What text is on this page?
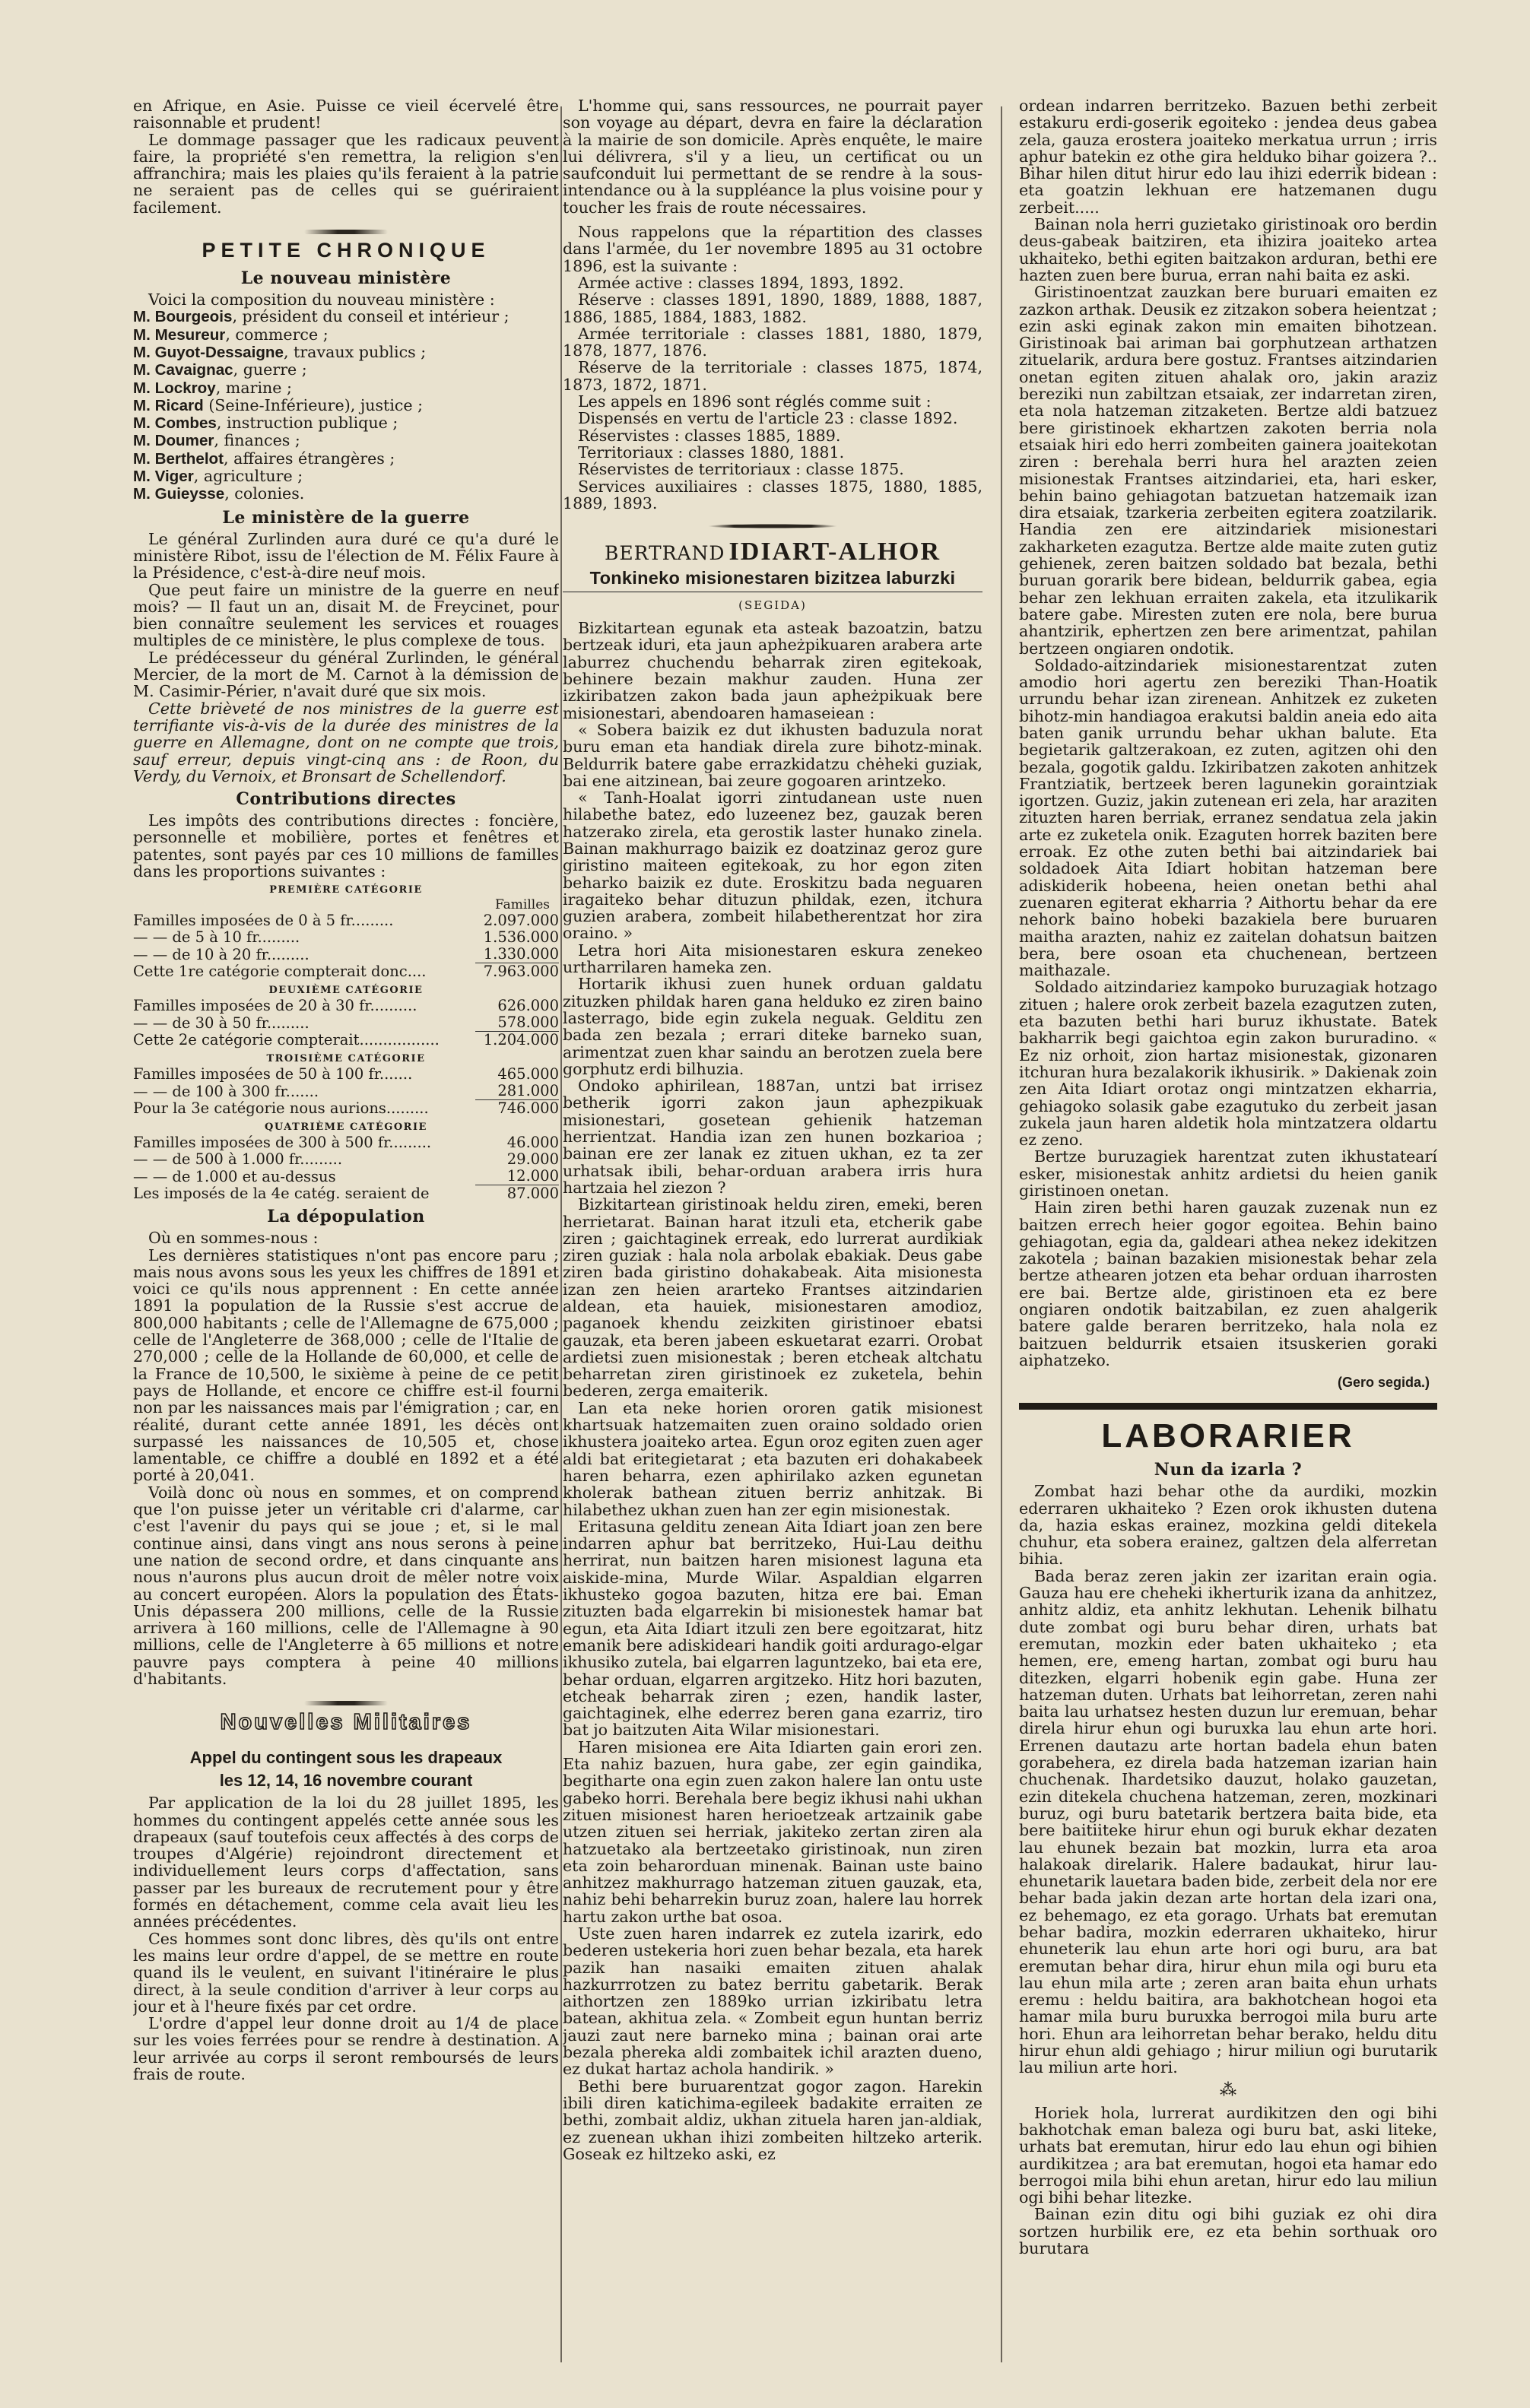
en Afrique, en Asie. Puisse ce vieil écervelé être raisonnable et prudent!

Le dommage passager que les radicaux peuvent faire, la propriété s'en remettra, la religion s'en affranchira; mais les plaies qu'ils feraient à la patrie ne seraient pas de celles qui se guériraient facilement.

PETITE CHRONIQUE
Le nouveau ministère

Voici la composition du nouveau ministère :

M. Bourgeois, président du conseil et intérieur ;
M. Mesureur, commerce ;
M. Guyot-Dessaigne, travaux publics ;
M. Cavaignac, guerre ;
M. Lockroy, marine ;
M. Ricard (Seine-Inférieure), justice ;
M. Combes, instruction publique ;
M. Doumer, finances ;
M. Berthelot, affaires étrangères ;
M. Viger, agriculture ;
M. Guieysse, colonies.
Le ministère de la guerre

Le général Zurlinden aura duré ce qu'a duré le ministère Ribot, issu de l'élection de M. Félix Faure à la Présidence, c'est-à-dire neuf mois.

Que peut faire un ministre de la guerre en neuf mois? — Il faut un an, disait M. de Freycinet, pour bien connaître seulement les services et rouages multiples de ce ministère, le plus complexe de tous.

Le prédécesseur du général Zurlinden, le général Mercier, de la mort de M. Carnot à la démission de M. Casimir-Périer, n'avait duré que six mois.

Cette brièveté de nos ministres de la guerre est terrifiante vis-à-vis de la durée des ministres de la guerre en Allemagne, dont on ne compte que trois, sauf erreur, depuis vingt-cinq ans : de Roon, du Verdy, du Vernoix, et Bronsart de Schellendorf.

Contributions directes

Les impôts des contributions directes : foncière, personnelle et mobilière, portes et fenêtres et patentes, sont payés par ces 10 millions de familles dans les proportions suivantes :

PREMIÈRE CATÉGORIE
Familles
Familles imposées de 0 à 5 fr.........	2.097.000
— — de 5 à 10 fr.........	1.536.000
— — de 10 à 20 fr.........	1.330.000
Cette 1re catégorie compterait donc....	7.963.000
DEUXIÈME CATÉGORIE
Familles imposées de 20 à 30 fr..........	626.000
— — de 30 à 50 fr.........	578.000
Cette 2e catégorie compterait.................	1.204.000
TROISIÈME CATÉGORIE
Familles imposées de 50 à 100 fr.......	465.000
— — de 100 à 300 fr.......	281.000
Pour la 3e catégorie nous aurions.........	746.000
QUATRIÈME CATÉGORIE
Familles imposées de 300 à 500 fr.........	46.000
— — de 500 à 1.000 fr.........	29.000
— — de 1.000 et au-dessus	12.000
Les imposés de la 4e catég. seraient de	87.000
La dépopulation

Où en sommes-nous :

Les dernières statistiques n'ont pas encore paru ; mais nous avons sous les yeux les chiffres de 1891 et voici ce qu'ils nous apprennent : En cette année 1891 la population de la Russie s'est accrue de 800,000 habitants ; celle de l'Allemagne de 675,000 ; celle de l'Angleterre de 368,000 ; celle de l'Italie de 270,000 ; celle de la Hollande de 60,000, et celle de la France de 10,500, le sixième à peine de ce petit pays de Hollande, et encore ce chiffre est-il fourni non par les naissances mais par l'émigration ; car, en réalité, durant cette année 1891, les décès ont surpassé les naissances de 10,505 et, chose lamentable, ce chiffre a doublé en 1892 et a été porté à 20,041.

Voilà donc où nous en sommes, et on comprend que l'on puisse jeter un véritable cri d'alarme, car c'est l'avenir du pays qui se joue ; et, si le mal continue ainsi, dans vingt ans nous serons à peine une nation de second ordre, et dans cinquante ans nous n'aurons plus aucun droit de mêler notre voix au concert européen. Alors la population des États-Unis dépassera 200 millions, celle de la Russie arrivera à 160 millions, celle de l'Allemagne à 90 millions, celle de l'Angleterre à 65 millions et notre pauvre pays comptera à peine 40 millions d'habitants.

Nouvelles Militaires
Appel du contingent sous les drapeaux
les 12, 14, 16 novembre courant

Par application de la loi du 28 juillet 1895, les hommes du contingent appelés cette année sous les drapeaux (sauf toutefois ceux affectés à des corps de troupes d'Algérie) rejoindront directement et individuellement leurs corps d'affectation, sans passer par les bureaux de recrutement pour y être formés en détachement, comme cela avait lieu les années précédentes.

Ces hommes sont donc libres, dès qu'ils ont entre les mains leur ordre d'appel, de se mettre en route quand ils le veulent, en suivant l'itinéraire le plus direct, à la seule condition d'arriver à leur corps au jour et à l'heure fixés par cet ordre.

L'ordre d'appel leur donne droit au 1/4 de place sur les voies ferrées pour se rendre à destination. A leur arrivée au corps il seront remboursés de leurs frais de route.

L'homme qui, sans ressources, ne pourrait payer son voyage au départ, devra en faire la déclaration à la mairie de son domicile. Après enquête, le maire lui délivrera, s'il y a lieu, un certificat ou un saufconduit lui permettant de se rendre à la sous-intendance ou à la suppléance la plus voisine pour y toucher les frais de route nécessaires.

Nous rappelons que la répartition des classes dans l'armée, du 1er novembre 1895 au 31 octobre 1896, est la suivante :

Armée active : classes 1894, 1893, 1892.

Réserve : classes 1891, 1890, 1889, 1888, 1887, 1886, 1885, 1884, 1883, 1882.

Armée territoriale : classes 1881, 1880, 1879, 1878, 1877, 1876.

Réserve de la territoriale : classes 1875, 1874, 1873, 1872, 1871.

Les appels en 1896 sont réglés comme suit :

Dispensés en vertu de l'article 23 : classe 1892.

Réservistes : classes 1885, 1889.

Territoriaux : classes 1880, 1881.

Réservistes de territoriaux : classe 1875.

Services auxiliaires : classes 1875, 1880, 1885, 1889, 1893.

BERTRAND IDIART-ALHOR
Tonkineko misionestaren bizitzea laburzki
(SEGIDA)

Bizkitartean egunak eta asteak bazoatzin, batzu bertzeak iduri, eta jaun apheżpikuaren arabera arte laburrez chuchendu beharrak ziren egitekoak, behinere bezain makhur zauden. Huna zer izkiribatzen zakon bada jaun apheżpikuak bere misionestari, abendoaren hamaseiean :

« Sobera baizik ez dut ikhusten baduzula norat buru eman eta handiak direla zure bihotz-minak. Beldurrik batere gabe errazkidatzu chėheki guziak, bai ene aitzinean, bai zeure gogoaren arintzeko.

« Tanh-Hoalat igorri zintudanean uste nuen hilabethe batez, edo luzeenez bez, gauzak beren hatzerako zirela, eta gerostik laster hunako zinela. Bainan makhurrago baizik ez doatzinaz geroz gure giristino maiteen egitekoak, zu hor egon ziten beharko baizik ez dute. Eroskitzu bada neguaren iragaiteko behar dituzun phildak, ezen, itchura guzien arabera, zombeit hilabetherentzat hor zira oraino. »

Letra hori Aita misionestaren eskura zenekeo urtharrilaren hameka zen.

Hortarik ikhusi zuen hunek orduan galdatu zituzken phildak haren gana helduko ez ziren baino lasterrago, bide egin zukela neguak. Gelditu zen bada zen bezala ; errari diteke barneko suan, arimentzat zuen khar saindu an berotzen zuela bere gorphutz erdi bilhuzia.

Ondoko aphirilean, 1887an, untzi bat irrisez betherik igorri zakon jaun aphezpikuak misionestari, gosetean gehienik hatzeman herrientzat. Handia izan zen hunen bozkarioa ; bainan ere zer lanak ez zituen ukhan, ez ta zer urhatsak ibili, behar-orduan arabera irris hura hartzaia hel ziezon ?

Bizkitartean giristinoak heldu ziren, emeki, beren herrietarat. Bainan harat itzuli eta, etcherik gabe ziren ; gaichtaginek erreak, edo lurrerat aurdikiak ziren guziak : hala nola arbolak ebakiak. Deus gabe ziren bada giristino dohakabeak. Aita misionesta izan zen heien ararteko Frantses aitzindarien aldean, eta hauiek, misionestaren amodioz, paganoek khendu zeizkiten giristinoer ebatsi gauzak, eta beren jabeen eskuetarat ezarri. Orobat ardietsi zuen misionestak ; beren etcheak altchatu beharretan ziren giristinoek ez zuketela, behin bederen, zerga emaiterik.

Lan eta neke horien ororen gatik misionest khartsuak hatzemaiten zuen oraino soldado orien ikhustera joaiteko artea. Egun oroz egiten zuen ager aldi bat eritegietarat ; eta bazuten eri dohakabeek haren beharra, ezen aphirilako azken egunetan kholerak bathean zituen berriz anhitzak. Bi hilabethez ukhan zuen han zer egin misionestak.

Eritasuna gelditu zenean Aita Idiart joan zen bere indarren aphur bat berritzeko, Hui-Lau deithu herrirat, nun baitzen haren misionest laguna eta aiskide-mina, Murde Wilar. Aspaldian elgarren ikhusteko gogoa bazuten, hitza ere bai. Eman zituzten bada elgarrekin bi misionestek hamar bat egun, eta Aita Idiart itzuli zen bere egoitzarat, hitz emanik bere adiskideari handik goiti ardurago-elgar ikhusiko zutela, bai elgarren laguntzeko, bai eta ere, behar orduan, elgarren argitzeko. Hitz hori bazuten, etcheak beharrak ziren ; ezen, handik laster, gaichtaginek, elhe ederrez beren gana ezarriz, tiro bat jo baitzuten Aita Wilar misionestari.

Haren misionea ere Aita Idiarten gain erori zen. Eta nahiz bazuen, hura gabe, zer egin gaindika, begitharte ona egin zuen zakon halere lan ontu uste gabeko horri. Berehala bere begiz ikhusi nahi ukhan zituen misionest haren herioetzeak artzainik gabe utzen zituen sei herriak, jakiteko zertan ziren ala hatzuetako ala bertzeetako giristinoak, nun ziren eta zoin beharorduan minenak. Bainan uste baino anhitzez makhurrago hatzeman zituen gauzak, eta, nahiz behi beharrekin buruz zoan, halere lau horrek hartu zakon urthe bat osoa.

Uste zuen haren indarrek ez zutela izarirk, edo bederen ustekeria hori zuen behar bezala, eta harek pazik han nasaiki emaiten zituen ahalak hazkurrrotzen zu batez berritu gabetarik. Berak aithortzen zen 1889ko urrian izkiribatu letra batean, akhitua zela. « Zombeit egun huntan berriz jauzi zaut nere barneko mina ; bainan orai arte bezala phereka aldi zombaitek ichil arazten dueno, ez dukat hartaz achola handirik. »

Bethi bere buruarentzat gogor zagon. Harekin ibili diren katichima-egileek badakite erraiten ze bethi, zombait aldiz, ukhan zituela haren jan-aldiak, ez zuenean ukhan ihizi zombeiten hiltzeko arterik. Goseak ez hiltzeko aski, ez

ordean indarren berritzeko. Bazuen bethi zerbeit estakuru erdi-goserik egoiteko : jendea deus gabea zela, gauza erostera joaiteko merkatua urrun ; irris aphur batekin ez othe gira helduko bihar goizera ?.. Bihar hilen ditut hirur edo lau ihizi ederrik bidean : eta goatzin lekhuan ere hatzemanen dugu zerbeit.....

Bainan nola herri guzietako giristinoak oro berdin deus-gabeak baitziren, eta ihizira joaiteko artea ukhaiteko, bethi egiten baitzakon arduran, bethi ere hazten zuen bere burua, erran nahi baita ez aski.

Giristinoentzat zauzkan bere buruari emaiten ez zazkon arthak. Deusik ez zitzakon sobera heientzat ; ezin aski eginak zakon min emaiten bihotzean. Giristinoak bai ariman bai gorphutzean arthatzen zituelarik, ardura bere gostuz. Frantses aitzindarien onetan egiten zituen ahalak oro, jakin araziz bereziki nun zabiltzan etsaiak, zer indarretan ziren, eta nola hatzeman zitzaketen. Bertze aldi batzuez bere giristinoek ekhartzen zakoten berria nola etsaiak hiri edo herri zombeiten gainera joaitekotan ziren : berehala berri hura hel arazten zeien misionestak Frantses aitzindariei, eta, hari esker, behin baino gehiagotan batzuetan hatzemaik izan dira etsaiak, tzarkeria zerbeiten egitera zoatzilarik. Handia zen ere aitzindariek misionestari zakharketen ezagutza. Bertze alde maite zuten gutiz gehienek, zeren baitzen soldado bat bezala, bethi buruan gorarik bere bidean, beldurrik gabea, egia behar zen lekhuan erraiten zakela, eta itzulikarik batere gabe. Miresten zuten ere nola, bere burua ahantzirik, ephertzen zen bere arimentzat, pahilan bertzeen ongiaren ondotik.

Soldado-aitzindariek misionestarentzat zuten amodio hori agertu zen bereziki Than-Hoatik urrundu behar izan zirenean. Anhitzek ez zuketen bihotz-min handiagoa erakutsi baldin aneia edo aita baten ganik urrundu behar ukhan balute. Eta begietarik galtzerakoan, ez zuten, agitzen ohi den bezala, gogotik galdu. Izkiribatzen zakoten anhitzek Frantziatik, bertzeek beren lagunekin goraintziak igortzen. Guziz, jakin zutenean eri zela, har araziten zituzten haren berriak, erranez sendatua zela jakin arte ez zuketela onik. Ezaguten horrek baziten bere erroak. Ez othe zuten bethi bai aitzindariek bai soldadoek Aita Idiart hobitan hatzeman bere adiskiderik hobeena, heien onetan bethi ahal zuenaren egiterat ekharria ? Aithortu behar da ere nehork baino hobeki bazakiela bere buruaren maitha arazten, nahiz ez zaitelan dohatsun baitzen bera, bere osoan eta chuchenean, bertzeen maithazale.

Soldado aitzindariez kampoko buruzagiak hotzago zituen ; halere orok zerbeit bazela ezagutzen zuten, eta bazuten bethi hari buruz ikhustate. Batek bakharrik begi gaichtoa egin zakon bururadino. « Ez niz orhoit, zion hartaz misionestak, gizonaren itchuran hura bezalakorik ikhusirik. » Dakienak zoin zen Aita Idiart orotaz ongi mintzatzen ekharria, gehiagoko solasik gabe ezagutuko du zerbeit jasan zukela jaun haren aldetik hola mintzatzera oldartu ez zeno.

Bertze buruzagiek harentzat zuten ikhustatearí esker, misionestak anhitz ardietsi du heien ganik giristinoen onetan.

Hain ziren bethi haren gauzak zuzenak nun ez baitzen errech heier gogor egoitea. Behin baino gehiagotan, egia da, galdeari athea nekez idekitzen zakotela ; bainan bazakien misionestak behar zela bertze athearen jotzen eta behar orduan iharrosten ere bai. Bertze alde, giristinoen eta ez bere ongiaren ondotik baitzabilan, ez zuen ahalgerik batere galde beraren berritzeko, hala nola ez baitzuen beldurrik etsaien itsuskerien goraki aiphatzeko.

(Gero segida.)
LABORARIER
Nun da izarla ?

Zombat hazi behar othe da aurdiki, mozkin ederraren ukhaiteko ? Ezen orok ikhusten dutena da, hazia eskas erainez, mozkina geldi ditekela chuhur, eta sobera erainez, galtzen dela alferretan bihia.

Bada beraz zeren jakin zer izaritan erain ogia. Gauza hau ere cheheki ikherturik izana da anhitzez, anhitz aldiz, eta anhitz lekhutan. Lehenik bilhatu dute zombat ogi buru behar diren, urhats bat eremutan, mozkin eder baten ukhaiteko ; eta hemen, ere, emeng hartan, zombat ogi buru hau ditezken, elgarri hobenik egin gabe. Huna zer hatzeman duten. Urhats bat leihorretan, zeren nahi baita lau urhatsez hesten duzun lur eremuan, behar direla hirur ehun ogi buruxka lau ehun arte hori. Errenen dautazu arte hortan badela ehun baten gorabehera, ez direla bada hatzeman izarian hain chuchenak. Ihardetsiko dauzut, holako gauzetan, ezin ditekela chuchena hatzeman, zeren, mozkinari buruz, ogi buru batetarik bertzera baita bide, eta bere baitiiteke hirur ehun ogi buruk ekhar dezaten lau ehunek bezain bat mozkin, lurra eta aroa halakoak direlarik. Halere badaukat, hirur lau-ehunetarik lauetara baden bide, zerbeit dela nor ere behar bada jakin dezan arte hortan dela izari ona, ez behemago, ez eta gorago. Urhats bat eremutan behar badira, mozkin ederraren ukhaiteko, hirur ehuneterik lau ehun arte hori ogi buru, ara bat eremutan behar dira, hirur ehun mila ogi buru eta lau ehun mila arte ; zeren aran baita ehun urhats eremu : heldu baitira, ara bakhotchean hogoi eta hamar mila buru buruxka berrogoi mila buru arte hori. Ehun ara leihorretan behar berako, heldu ditu hirur ehun aldi gehiago ; hirur miliun ogi burutarik lau miliun arte hori.

⁂

Horiek hola, lurrerat aurdikitzen den ogi bihi bakhotchak eman baleza ogi buru bat, aski liteke, urhats bat eremutan, hirur edo lau ehun ogi bihien aurdikitzea ; ara bat eremutan, hogoi eta hamar edo berrogoi mila bihi ehun aretan, hirur edo lau miliun ogi bihi behar litezke.

Bainan ezin ditu ogi bihi guziak ez ohi dira sortzen hurbilik ere, ez eta behin sorthuak oro burutara
